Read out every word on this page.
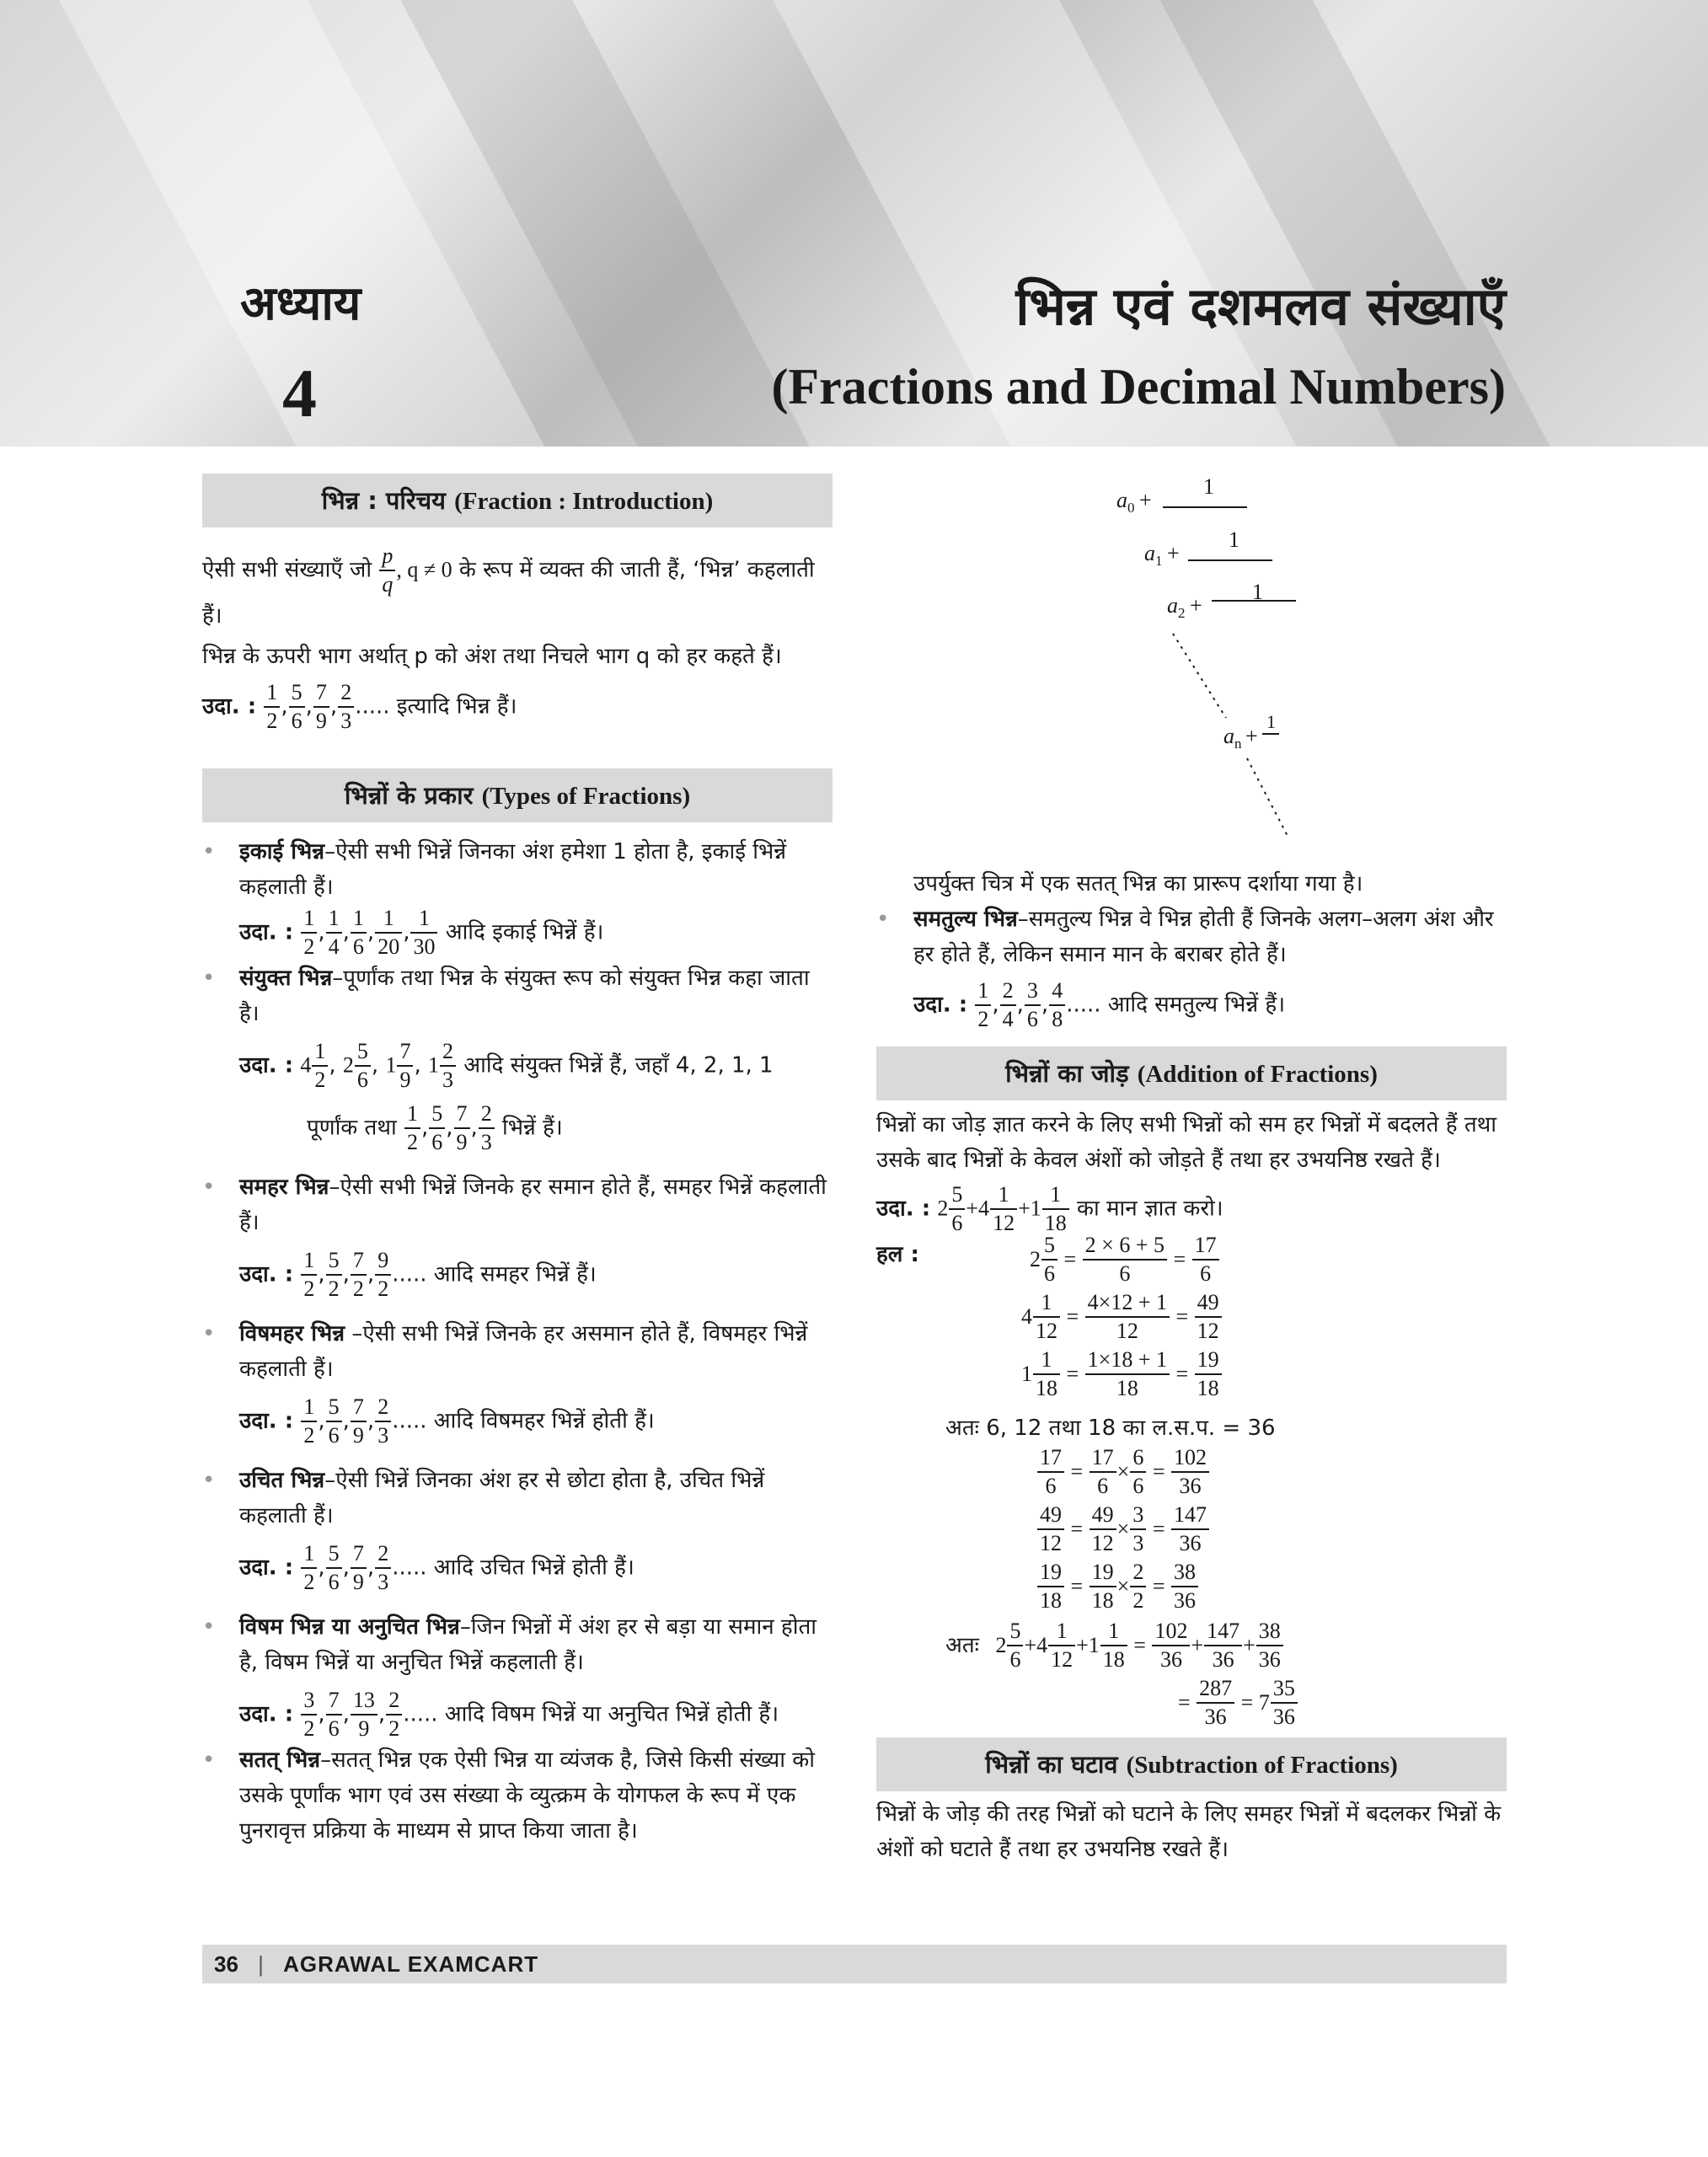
अध्याय
4
भिन्न एवं दशमलव संख्याएँ
(Fractions and Decimal Numbers)
भिन्न : परिचय (Fraction : Introduction)

ऐसी सभी संख्याएँ जो $\frac{p}{q}$ , q ≠ 0 के रूप में व्यक्त की जाती हैं, ‘भिन्न’ कहलाती हैं।

भिन्न के ऊपरी भाग अर्थात् p को अंश तथा निचले भाग q को हर कहते हैं।

उदा. : $\frac{1}{2}$ , $\frac{5}{6}$ , $\frac{7}{9}$ , $\frac{2}{3}$ ..... इत्यादि भिन्न हैं।

भिन्नों के प्रकार (Types of Fractions)

• इकाई भिन्न–ऐसी सभी भिन्नें जिनका अंश हमेशा 1 होता है, इकाई भिन्नें कहलाती हैं।

उदा. : $\frac{1}{2}$ , $\frac{1}{4}$ , $\frac{1}{6}$ , $\frac{1}{20}$ , $\frac{1}{30}$ आदि इकाई भिन्नें हैं।

• संयुक्त भिन्न–पूर्णांक तथा भिन्न के संयुक्त रूप को संयुक्त भिन्न कहा जाता है।

उदा. : $4 \frac{1}{2}$ , $2 \frac{5}{6}$ , $1 \frac{7}{9}$ , $1 \frac{2}{3}$ आदि संयुक्त भिन्नें हैं, जहाँ 4, 2, 1, 1

पूर्णांक तथा $\frac{1}{2}$ , $\frac{5}{6}$ , $\frac{7}{9}$ , $\frac{2}{3}$ भिन्नें हैं।

• समहर भिन्न–ऐसी सभी भिन्नें जिनके हर समान होते हैं, समहर भिन्नें कहलाती हैं।

उदा. : $\frac{1}{2}$ , $\frac{5}{2}$ , $\frac{7}{2}$ , $\frac{9}{2}$ ..... आदि समहर भिन्नें हैं।

• विषमहर भिन्न –ऐसी सभी भिन्नें जिनके हर असमान होते हैं, विषमहर भिन्नें कहलाती हैं।

उदा. : $\frac{1}{2}$ , $\frac{5}{6}$ , $\frac{7}{9}$ , $\frac{2}{3}$ ..... आदि विषमहर भिन्नें होती हैं।

• उचित भिन्न–ऐसी भिन्नें जिनका अंश हर से छोटा होता है, उचित भिन्नें कहलाती हैं।

उदा. : $\frac{1}{2}$ , $\frac{5}{6}$ , $\frac{7}{9}$ , $\frac{2}{3}$ ..... आदि उचित भिन्नें होती हैं।

• विषम भिन्न या अनुचित भिन्न–जिन भिन्नों में अंश हर से बड़ा या समान होता है, विषम भिन्नें या अनुचित भिन्नें कहलाती हैं।

उदा. : $\frac{3}{2}$ , $\frac{7}{6}$ , $\frac{13}{9}$ , $\frac{2}{2}$ ..... आदि विषम भिन्नें या अनुचित भिन्नें होती हैं।

• सतत् भिन्न–सतत् भिन्न एक ऐसी भिन्न या व्यंजक है, जिसे किसी संख्या को उसके पूर्णांक भाग एवं उस संख्या के व्युत्क्रम के योगफल के रूप में एक पुनरावृत्त प्रक्रिया के माध्यम से प्राप्त किया जाता है।

a 0 +
1
a 1 +
1
a 2 +
1
a n +
1

उपर्युक्त चित्र में एक सतत् भिन्न का प्रारूप दर्शाया गया है।

• समतुल्य भिन्न–समतुल्य भिन्न वे भिन्न होती हैं जिनके अलग–अलग अंश और हर होते हैं, लेकिन समान मान के बराबर होते हैं।

उदा. : $\frac{1}{2}$ , $\frac{2}{4}$ , $\frac{3}{6}$ , $\frac{4}{8}$ ..... आदि समतुल्य भिन्नें हैं।

भिन्नों का जोड़ (Addition of Fractions)

भिन्नों का जोड़ ज्ञात करने के लिए सभी भिन्नों को सम हर भिन्नों में बदलते हैं तथा उसके बाद भिन्नों के केवल अंशों को जोड़ते हैं तथा हर उभयनिष्ठ रखते हैं।

उदा. : $2 \frac{5}{6} +4 \frac{1}{12} +1 \frac{1}{18}$ का मान ज्ञात करो।

हल :	$2 \frac{5}{6} = \frac{2 \times 6 + 5}{6} = \frac{17}{6}$
$4 \frac{1}{12} = \frac{4\times 12 + 1}{12} = \frac{49}{12}$
$1 \frac{1}{18} = \frac{1\times 18 + 1}{18} = \frac{19}{18}$
अतः 6, 12 तथा 18 का ल.स.प. = 36
$\frac{17}{6} = \frac{17}{6} \times \frac{6}{6} = \frac{102}{36}$
$\frac{49}{12} = \frac{49}{12} \times \frac{3}{3} = \frac{147}{36}$
$\frac{19}{18} = \frac{19}{18} \times \frac{2}{2} = \frac{38}{36}$
अतः
$2 \frac{5}{6} +4 \frac{1}{12} +1 \frac{1}{18} = \frac{102}{36} + \frac{147}{36} + \frac{38}{36}$
= $\frac{287}{36} = 7 \frac{35}{36}$
भिन्नों का घटाव (Subtraction of Fractions)

भिन्नों के जोड़ की तरह भिन्नों को घटाने के लिए समहर भिन्नों में बदलकर भिन्नों के अंशों को घटाते हैं तथा हर उभयनिष्ठ रखते हैं।

36 | AGRAWAL EXAMCART
